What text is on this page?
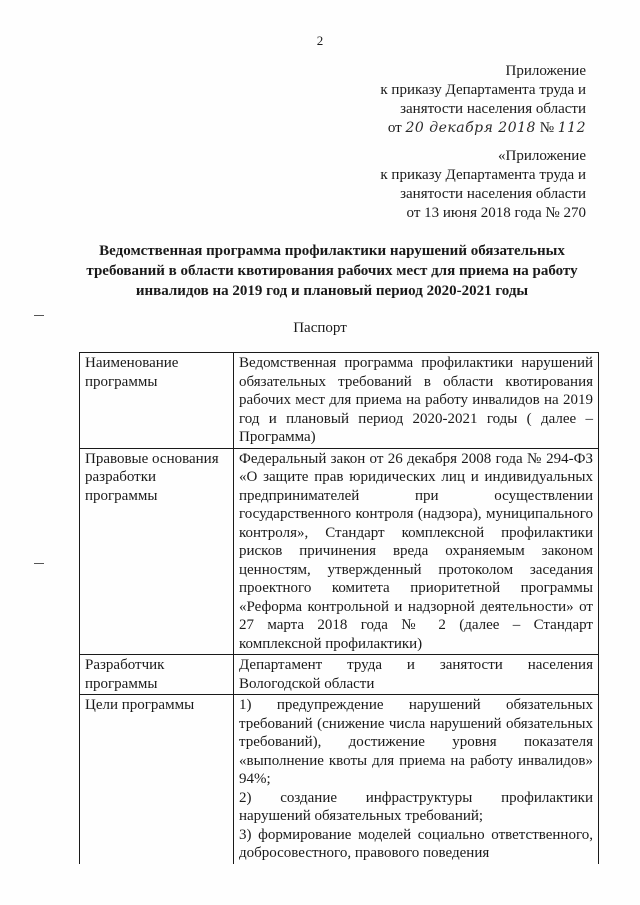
2
Приложение
к приказу Департамента труда и
занятости населения области
от 20 декабря 2018 № 112
«Приложение
к приказу Департамента труда и
занятости населения области
от 13 июня 2018 года № 270
Ведомственная программа профилактики нарушений обязательных требований в области квотирования рабочих мест для приема на работу инвалидов на 2019 год и плановый период 2020-2021 годы
Паспорт
Наименование программы	Ведомственная программа профилактики нарушений обязательных требований в области квотирования рабочих мест для приема на работу инвалидов на 2019 год и плановый период 2020-2021 годы ( далее – Программа)
Правовые основания разработки программы	Федеральный закон от 26 декабря 2008 года № 294-ФЗ «О защите прав юридических лиц и индивидуальных предпринимателей при осуществлении государственного контроля (надзора), муниципального контроля», Стандарт комплексной профилактики рисков причинения вреда охраняемым законом ценностям, утвержденный протоколом заседания проектного комитета приоритетной программы «Реформа контрольной и надзорной деятельности» от 27 марта 2018 года № 2 (далее – Стандарт комплексной профилактики)
Разработчик программы	Департамент труда и занятости населения Вологодской области
Цели программы	1) предупреждение нарушений обязательных требований (снижение числа нарушений обязательных требований), достижение уровня показателя «выполнение квоты для приема на работу инвалидов» 94%;
2) создание инфраструктуры профилактики нарушений обязательных требований;
3) формирование моделей социально ответственного, добросовестного, правового поведения
